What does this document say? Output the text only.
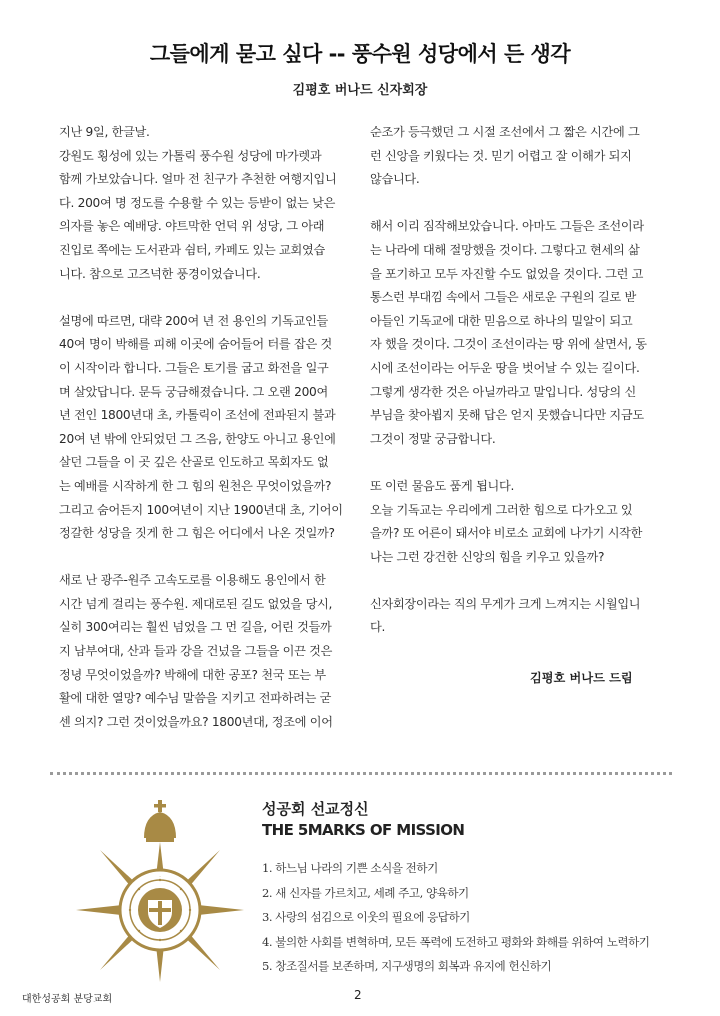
그들에게 묻고 싶다 -- 풍수원 성당에서 든 생각
김평호 버나드 신자회장
지난 9일, 한글날.
강원도 횡성에 있는 가톨릭 풍수원 성당에 마가렛과
함께 가보았습니다. 얼마 전 친구가 추천한 여행지입니
다. 200여 명 정도를 수용할 수 있는 등받이 없는 낮은
의자를 놓은 예배당. 야트막한 언덕 위 성당, 그 아래
진입로 쪽에는 도서관과 쉼터, 카페도 있는 교회였습
니다. 참으로 고즈넉한 풍경이었습니다.
설명에 따르면, 대략 200여 년 전 용인의 기독교인들
40여 명이 박해를 피해 이곳에 숨어들어 터를 잡은 것
이 시작이라 합니다. 그들은 토기를 굽고 화전을 일구
며 살았답니다. 문득 궁금해졌습니다. 그 오랜 200여
년 전인 1800년대 초, 카톨릭이 조선에 전파된지 불과
20여 년 밖에 안되었던 그 즈음, 한양도 아니고 용인에
살던 그들을 이 곳 깊은 산골로 인도하고 목회자도 없
는 예배를 시작하게 한 그 힘의 원천은 무엇이었을까?
그리고 숨어든지 100여년이 지난 1900년대 초, 기어이
정갈한 성당을 짓게 한 그 힘은 어디에서 나온 것일까?
새로 난 광주-원주 고속도로를 이용해도 용인에서 한
시간 넘게 걸리는 풍수원. 제대로된 길도 없었을 당시,
실히 300여리는 훨씬 넘었을 그 먼 길을, 어린 것들까
지 남부여대, 산과 들과 강을 건넜을 그들을 이끈 것은
정녕 무엇이었을까? 박해에 대한 공포? 천국 또는 부
활에 대한 열망? 예수님 말씀을 지키고 전파하려는 굳
센 의지? 그런 것이었을까요? 1800년대, 정조에 이어
순조가 등극했던 그 시절 조선에서 그 짧은 시간에 그
런 신앙을 키웠다는 것. 믿기 어렵고 잘 이해가 되지
않습니다.
해서 이리 짐작해보았습니다. 아마도 그들은 조선이라
는 나라에 대해 절망했을 것이다. 그렇다고 현세의 삶
을 포기하고 모두 자진할 수도 없었을 것이다. 그런 고
통스런 부대낌 속에서 그들은 새로운 구원의 길로 받
아들인 기독교에 대한 믿음으로 하나의 밀알이 되고
자 했을 것이다. 그것이 조선이라는 땅 위에 살면서, 동
시에 조선이라는 어두운 땅을 벗어날 수 있는 길이다.
그렇게 생각한 것은 아닐까라고 말입니다. 성당의 신
부님을 찾아뵙지 못해 답은 얻지 못했습니다만 지금도
그것이 정말 궁금합니다.
또 이런 물음도 품게 됩니다.
오늘 기독교는 우리에게 그러한 힘으로 다가오고 있
을까? 또 어른이 돼서야 비로소 교회에 나가기 시작한
나는 그런 강건한 신앙의 힘을 키우고 있을까?
신자회장이라는 직의 무게가 크게 느껴지는 시월입니
다.
김평호 버나드 드림
·
성공회 선교정신
THE 5MARKS OF MISSION
1. 하느님 나라의 기쁜 소식을 전하기
2. 새 신자를 가르치고, 세례 주고, 양육하기
3. 사랑의 섬김으로 이웃의 필요에 응답하기
4. 불의한 사회를 변혁하며, 모든 폭력에 도전하고 평화와 화해를 위하여 노력하기
5. 창조질서를 보존하며, 지구생명의 회복과 유지에 헌신하기
대한성공회 분당교회	2
